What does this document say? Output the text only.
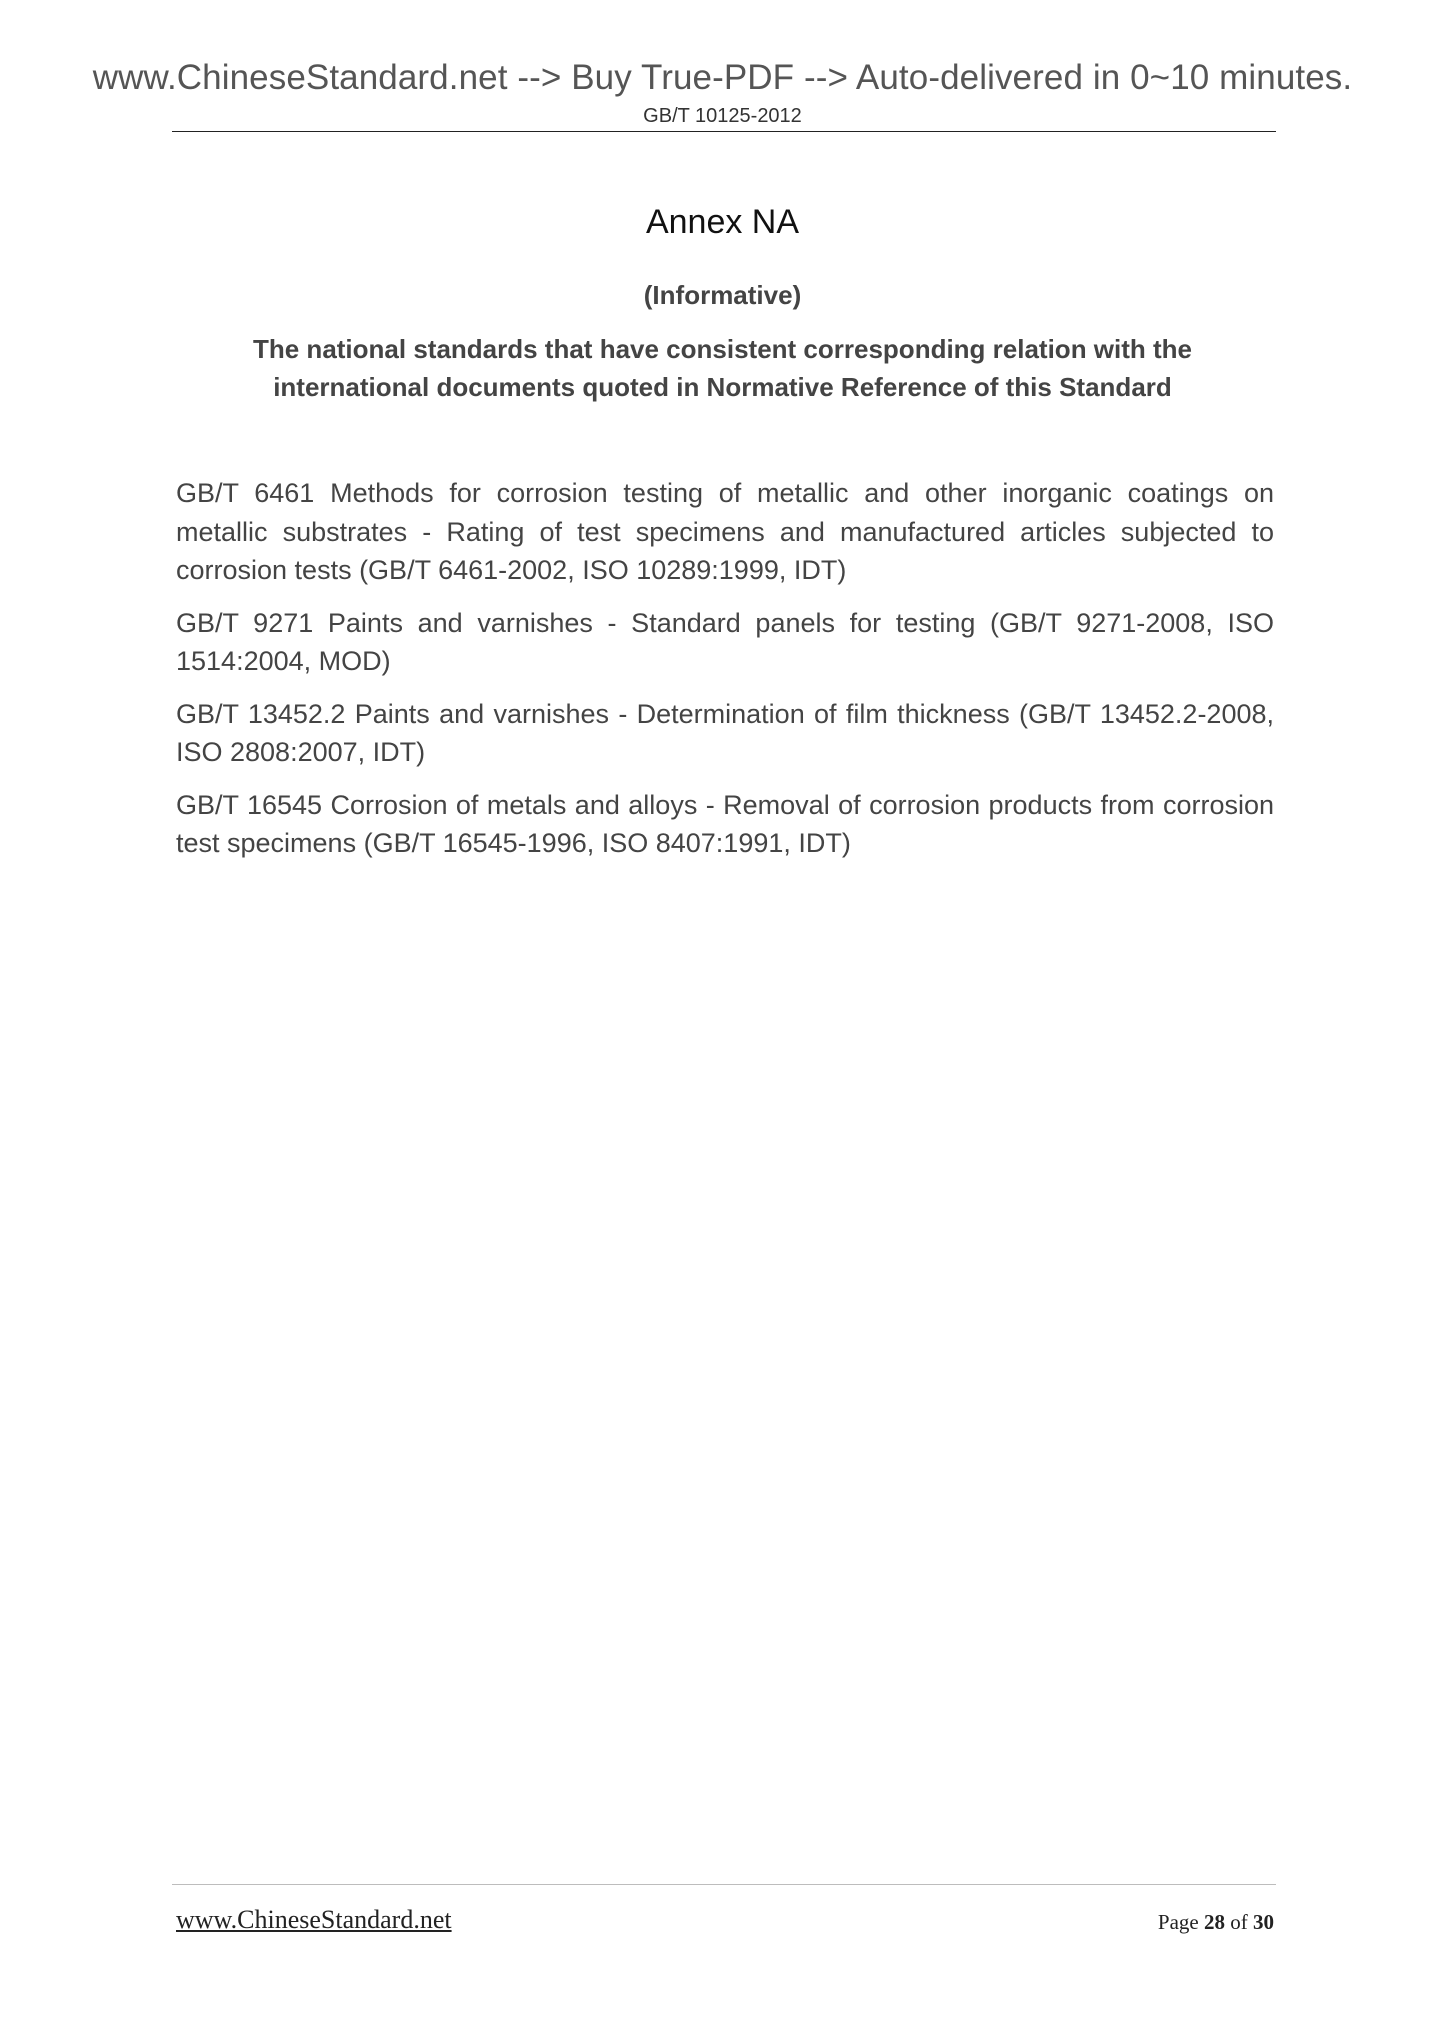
www.ChineseStandard.net --> Buy True-PDF --> Auto-delivered in 0~10 minutes.
GB/T 10125-2012
Annex NA
(Informative)
The national standards that have consistent corresponding relation with the
international documents quoted in Normative Reference of this Standard

GB/T 6461 Methods for corrosion testing of metallic and other inorganic coatings on metallic substrates - Rating of test specimens and manufactured articles subjected to corrosion tests (GB/T 6461-2002, ISO 10289:1999, IDT)

GB/T 9271 Paints and varnishes - Standard panels for testing (GB/T 9271-2008, ISO 1514:2004, MOD)

GB/T 13452.2 Paints and varnishes - Determination of film thickness (GB/T 13452.2-2008, ISO 2808:2007, IDT)

GB/T 16545 Corrosion of metals and alloys - Removal of corrosion products from corrosion test specimens (GB/T 16545-1996, ISO 8407:1991, IDT)

www.ChineseStandard.net	Page 28 of 30
